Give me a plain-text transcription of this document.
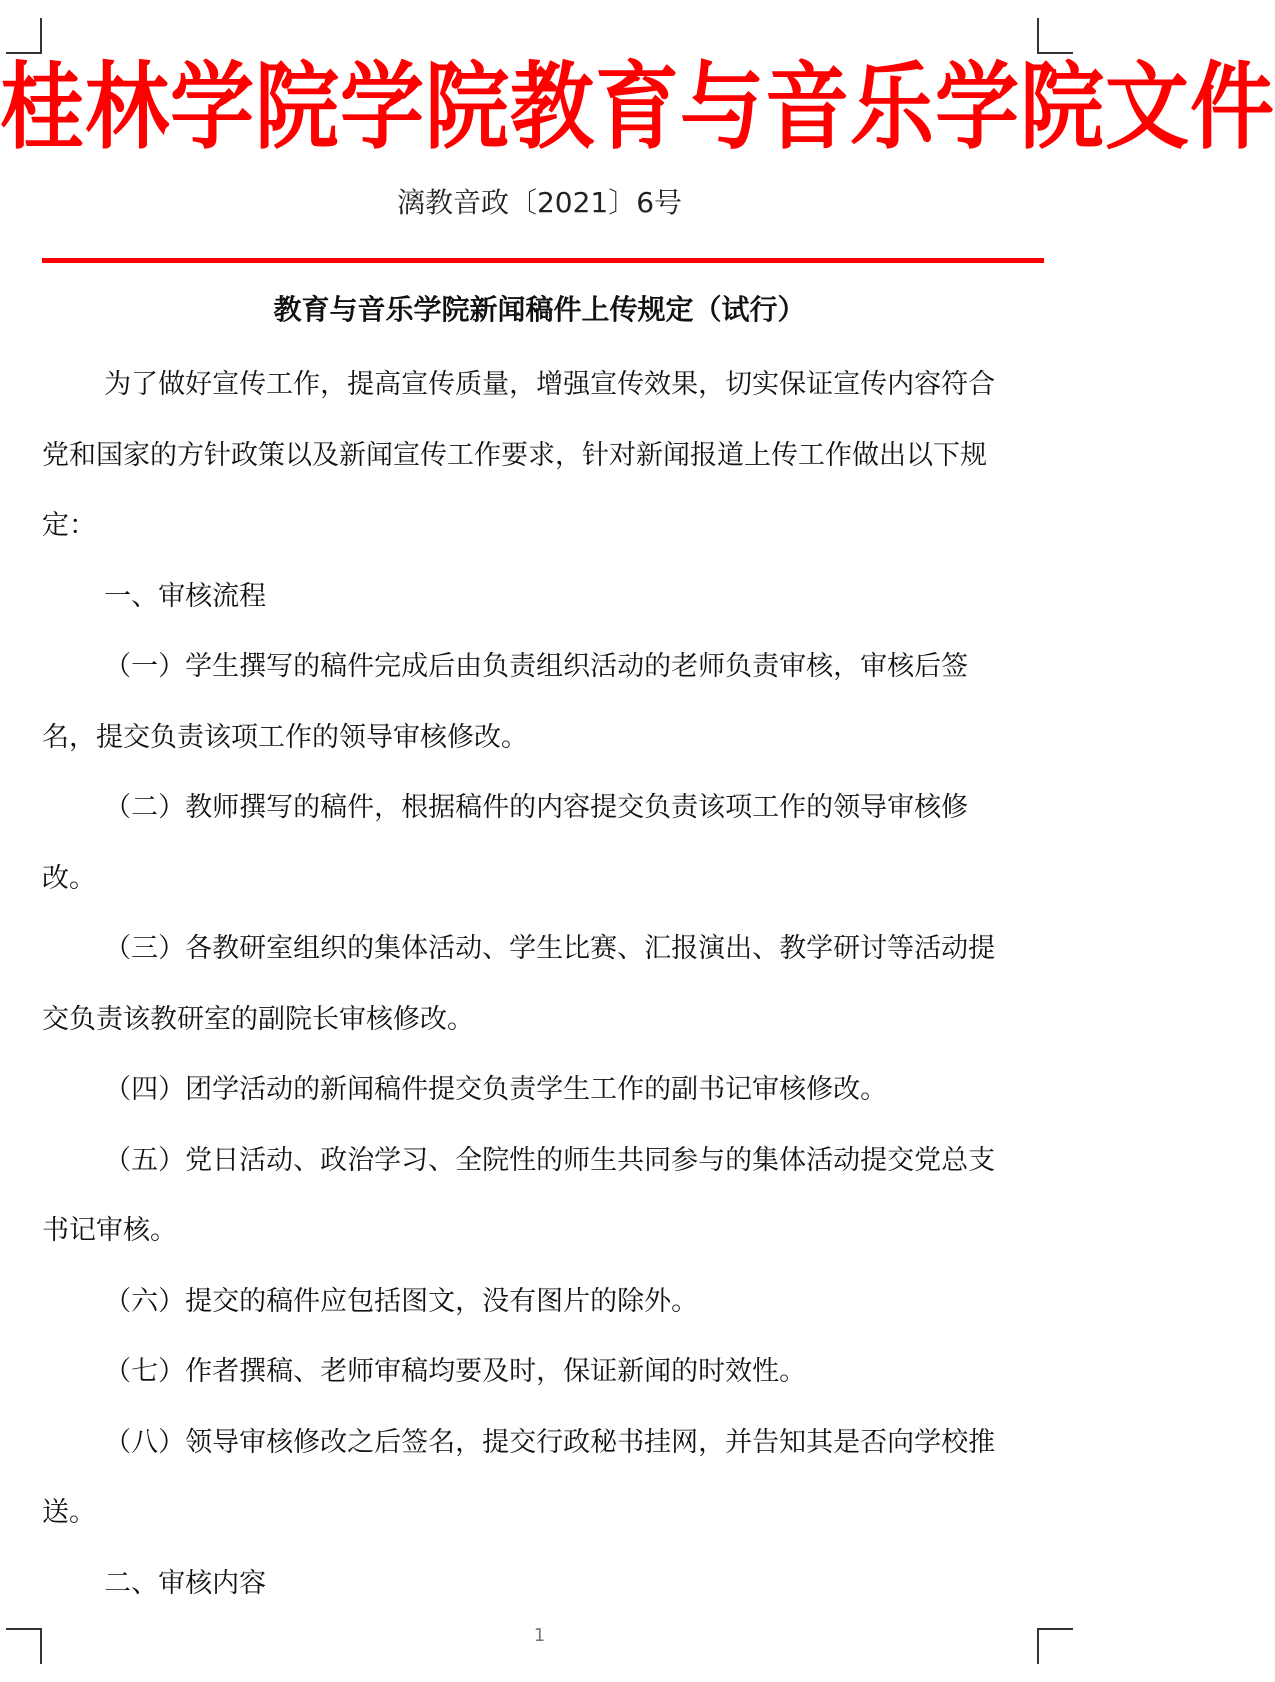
桂林学院学院教育与音乐学院文件
漓教音政〔2021〕6号
教育与音乐学院新闻稿件上传规定（试行）

为了做好宣传工作，提高宣传质量，增强宣传效果，切实保证宣传内容符合党和国家的方针政策以及新闻宣传工作要求，针对新闻报道上传工作做出以下规定：

一、审核流程

（一）学生撰写的稿件完成后由负责组织活动的老师负责审核，审核后签名，提交负责该项工作的领导审核修改。

（二）教师撰写的稿件，根据稿件的内容提交负责该项工作的领导审核修改。

（三）各教研室组织的集体活动、学生比赛、汇报演出、教学研讨等活动提交负责该教研室的副院长审核修改。

（四）团学活动的新闻稿件提交负责学生工作的副书记审核修改。

（五）党日活动、政治学习、全院性的师生共同参与的集体活动提交党总支书记审核。

（六）提交的稿件应包括图文，没有图片的除外。

（七）作者撰稿、老师审稿均要及时，保证新闻的时效性。

（八）领导审核修改之后签名，提交行政秘书挂网，并告知其是否向学校推送。

二、审核内容

1
